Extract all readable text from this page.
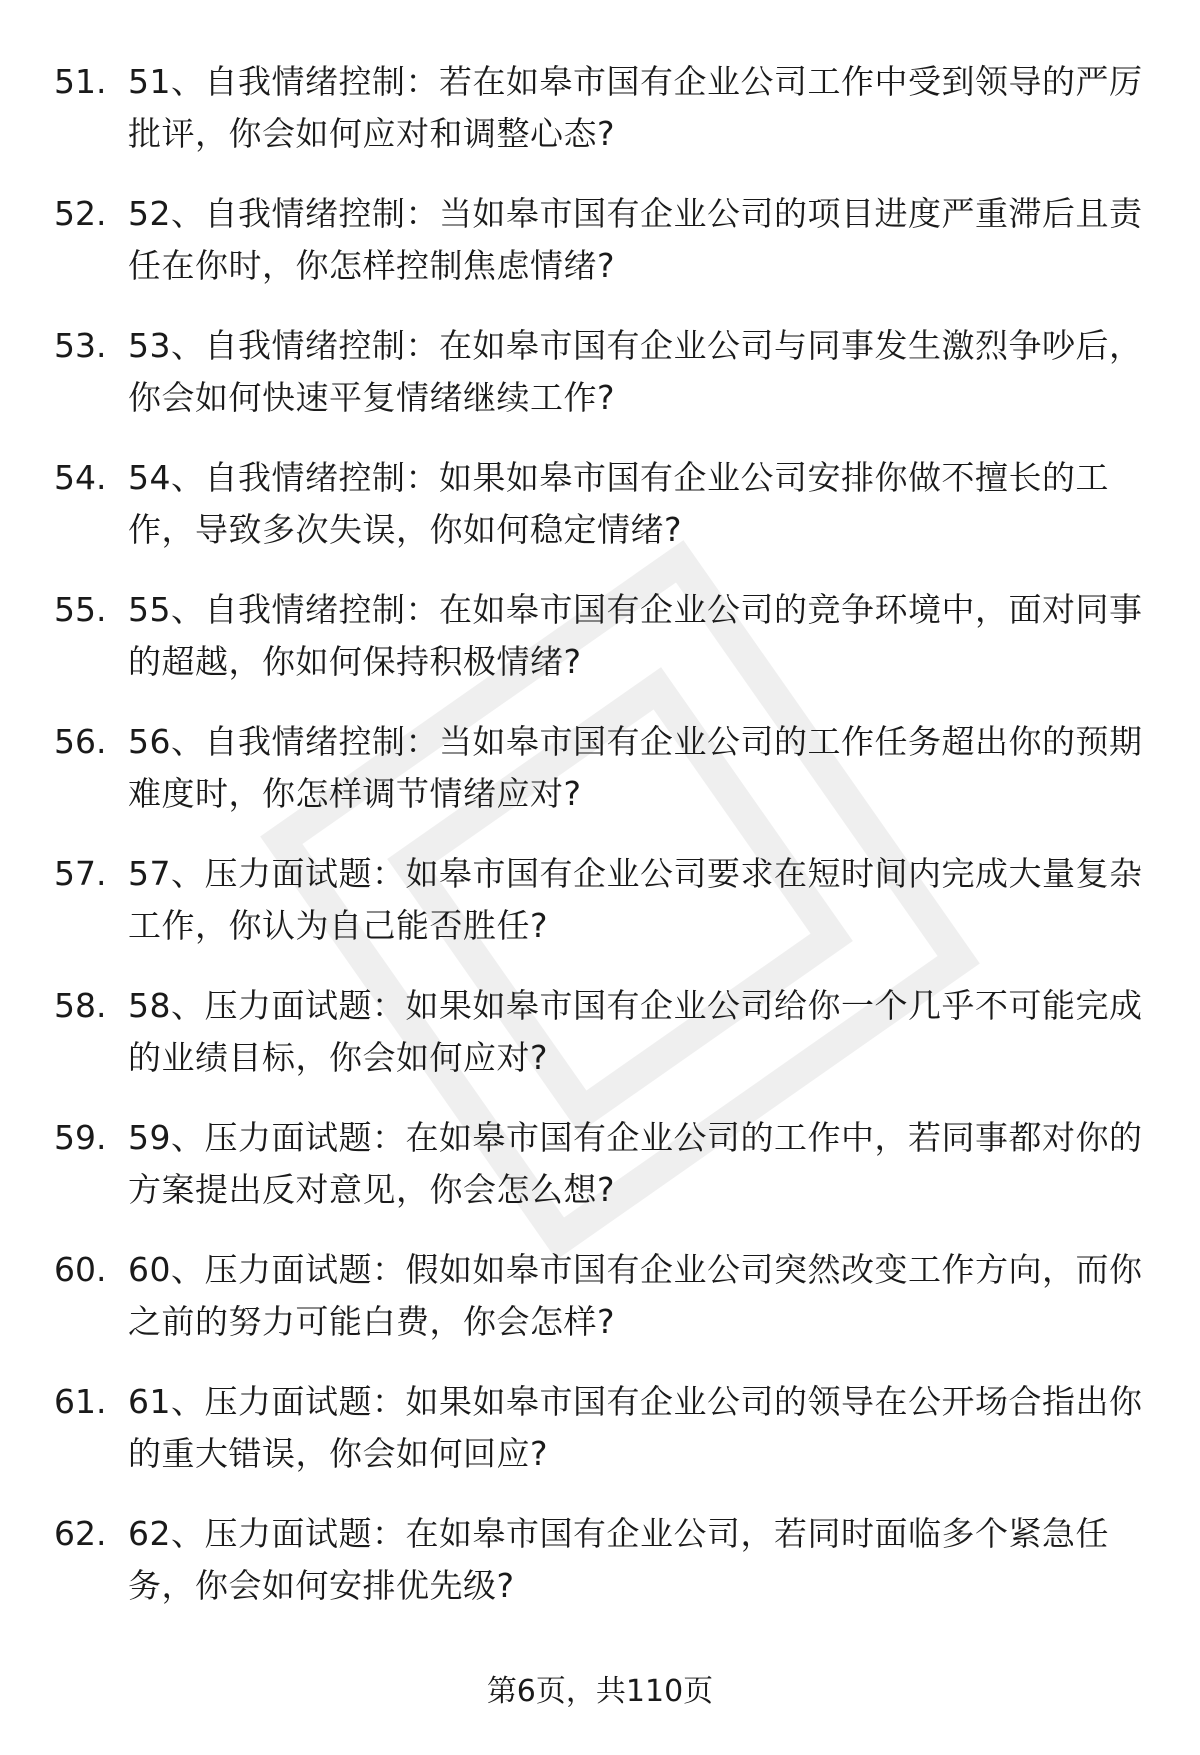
51. 51、自我情绪控制：若在如皋市国有企业公司工作中受到领导的严厉批评，你会如何应对和调整心态?
52. 52、自我情绪控制：当如皋市国有企业公司的项目进度严重滞后且责任在你时，你怎样控制焦虑情绪?
53. 53、自我情绪控制：在如皋市国有企业公司与同事发生激烈争吵后，你会如何快速平复情绪继续工作?
54. 54、自我情绪控制：如果如皋市国有企业公司安排你做不擅长的工作，导致多次失误，你如何稳定情绪?
55. 55、自我情绪控制：在如皋市国有企业公司的竞争环境中，面对同事的超越，你如何保持积极情绪?
56. 56、自我情绪控制：当如皋市国有企业公司的工作任务超出你的预期难度时，你怎样调节情绪应对?
57. 57、压力面试题：如皋市国有企业公司要求在短时间内完成大量复杂工作，你认为自己能否胜任?
58. 58、压力面试题：如果如皋市国有企业公司给你一个几乎不可能完成的业绩目标，你会如何应对?
59. 59、压力面试题：在如皋市国有企业公司的工作中，若同事都对你的方案提出反对意见，你会怎么想?
60. 60、压力面试题：假如如皋市国有企业公司突然改变工作方向，而你之前的努力可能白费，你会怎样?
61. 61、压力面试题：如果如皋市国有企业公司的领导在公开场合指出你的重大错误，你会如何回应?
62. 62、压力面试题：在如皋市国有企业公司，若同时面临多个紧急任务，你会如何安排优先级?
第6页，共110页
